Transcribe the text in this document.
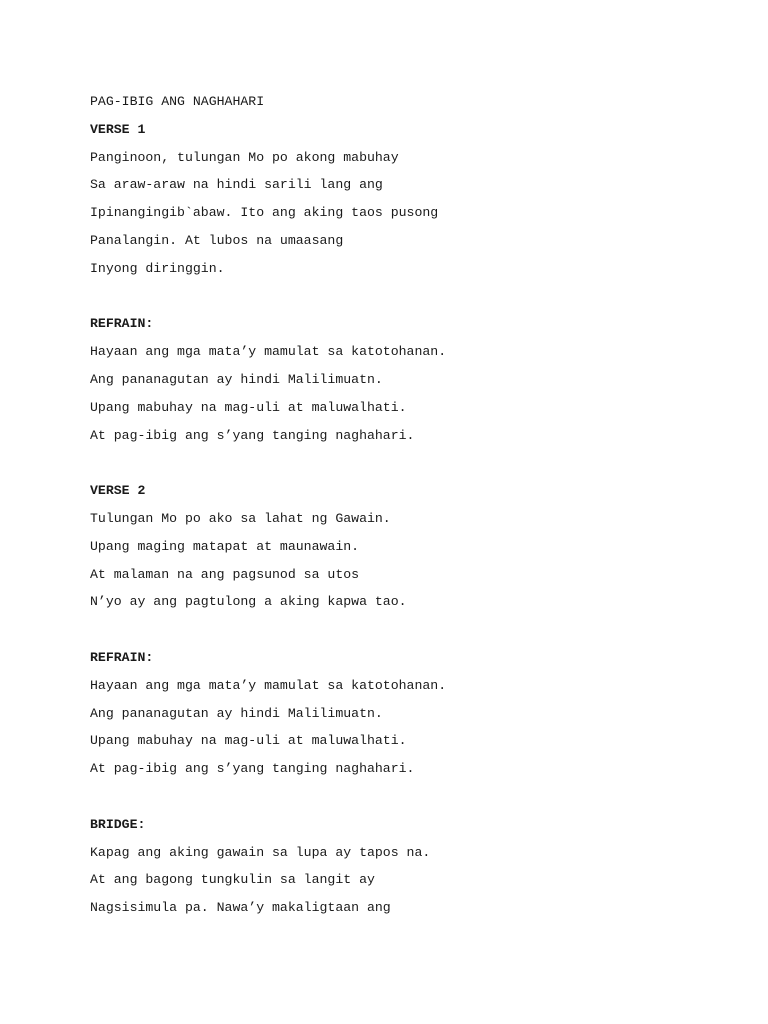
PAG-IBIG ANG NAGHAHARI
VERSE 1
Panginoon, tulungan Mo po akong mabuhay
Sa araw-araw na hindi sarili lang ang
Ipinangingib`abaw. Ito ang aking taos pusong
Panalangin. At lubos na umaasang
Inyong diringgin.
REFRAIN:
Hayaan ang mga mata’y mamulat sa katotohanan.
Ang pananagutan ay hindi Malilimuatn.
Upang mabuhay na mag-uli at maluwalhati.
At pag-ibig ang s’yang tanging naghahari.
VERSE 2
Tulungan Mo po ako sa lahat ng Gawain.
Upang maging matapat at maunawain.
At malaman na ang pagsunod sa utos
N’yo ay ang pagtulong a aking kapwa tao.
REFRAIN:
Hayaan ang mga mata’y mamulat sa katotohanan.
Ang pananagutan ay hindi Malilimuatn.
Upang mabuhay na mag-uli at maluwalhati.
At pag-ibig ang s’yang tanging naghahari.
BRIDGE:
Kapag ang aking gawain sa lupa ay tapos na.
At ang bagong tungkulin sa langit ay
Nagsisimula pa. Nawa’y makaligtaan ang
